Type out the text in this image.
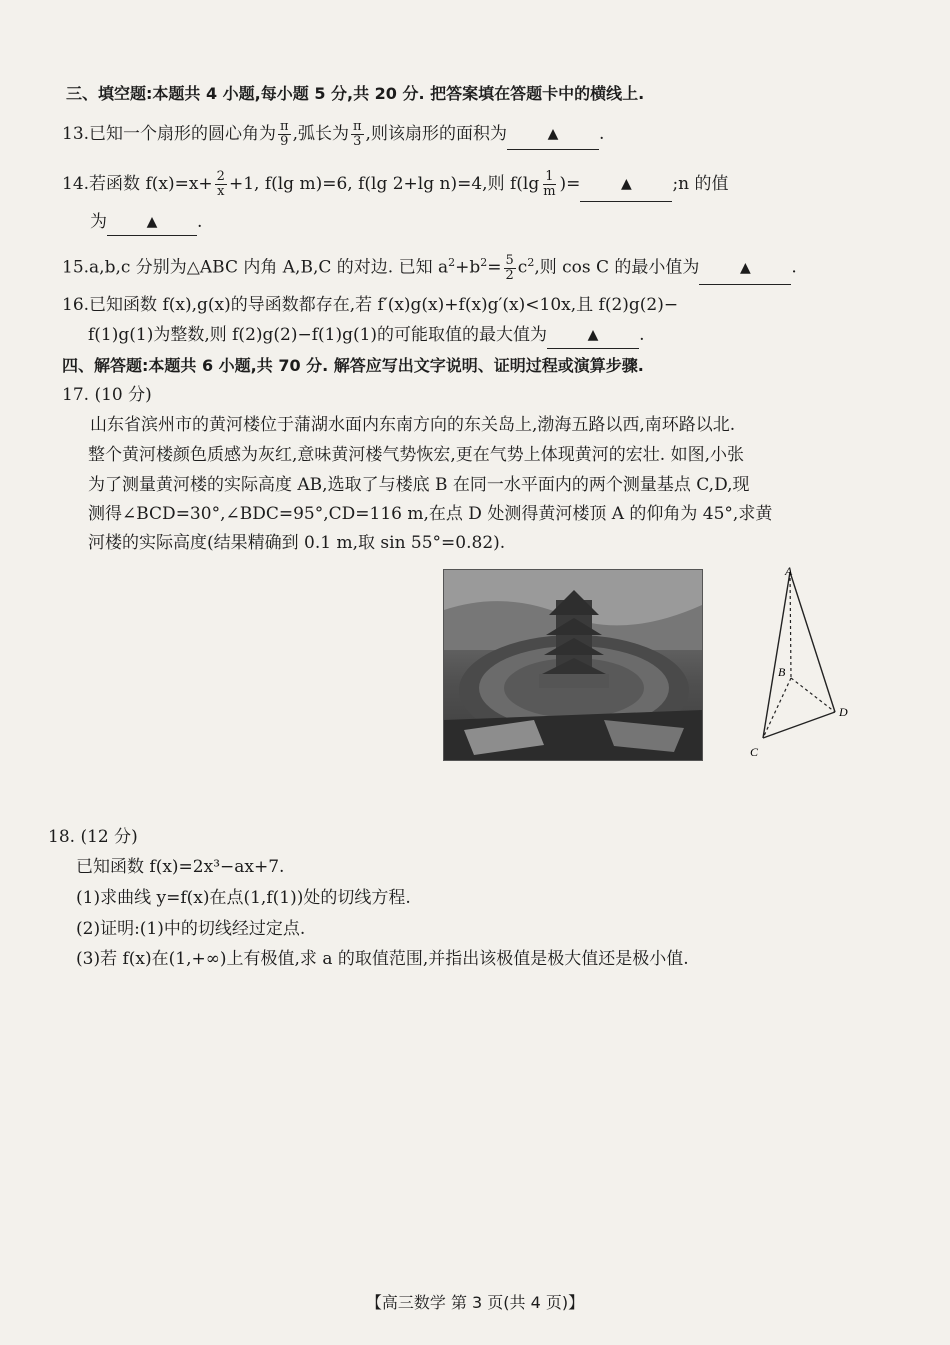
三、填空题:本题共 4 小题,每小题 5 分,共 20 分. 把答案填在答题卡中的横线上.
13.已知一个扇形的圆心角为 $\frac{\pi}{9}$ ,弧长为 $\frac{\pi}{3}$ ,则该扇形的面积为	▲ .
14.若函数 $f(x)=x+ \frac{2}{x} +1$, f(lg m)=6, f(lg 2+lg n)=4,则 $f(\lg \frac{1}{m}$ )=	▲ ;n 的值
为	▲ .
15.a,b,c 分别为△ABC 内角 A,B,C 的对边. 已知 $a^2+b^2= \frac{5}{2} c^2$,则 cos C 的最小值为	▲ .
16.已知函数 f(x),g(x)的导函数都存在,若 f′(x)g(x)+f(x)g′(x)<10x,且 f(2)g(2)−
f(1)g(1)为整数,则 f(2)g(2)−f(1)g(1)的可能取值的最大值为	▲ .
四、解答题:本题共 6 小题,共 70 分. 解答应写出文字说明、证明过程或演算步骤.
17. (10 分)
山东省滨州市的黄河楼位于蒲湖水面内东南方向的东关岛上,渤海五路以西,南环路以北.
整个黄河楼颜色质感为灰红,意味黄河楼气势恢宏,更在气势上体现黄河的宏壮. 如图,小张
为了测量黄河楼的实际高度 AB,选取了与楼底 B 在同一水平面内的两个测量基点 C,D,现
测得∠BCD=30°,∠BDC=95°,CD=116 m,在点 D 处测得黄河楼顶 A 的仰角为 45°,求黄
河楼的实际高度(结果精确到 0.1 m,取 sin 55°=0.82).
A
B
C
D
18. (12 分)
已知函数 f(x)=2x³−ax+7.
(1)求曲线 y=f(x)在点(1,f(1))处的切线方程.
(2)证明:(1)中的切线经过定点.
(3)若 f(x)在(1,+∞)上有极值,求 a 的取值范围,并指出该极值是极大值还是极小值.
【高三数学 第 3 页(共 4 页)】
